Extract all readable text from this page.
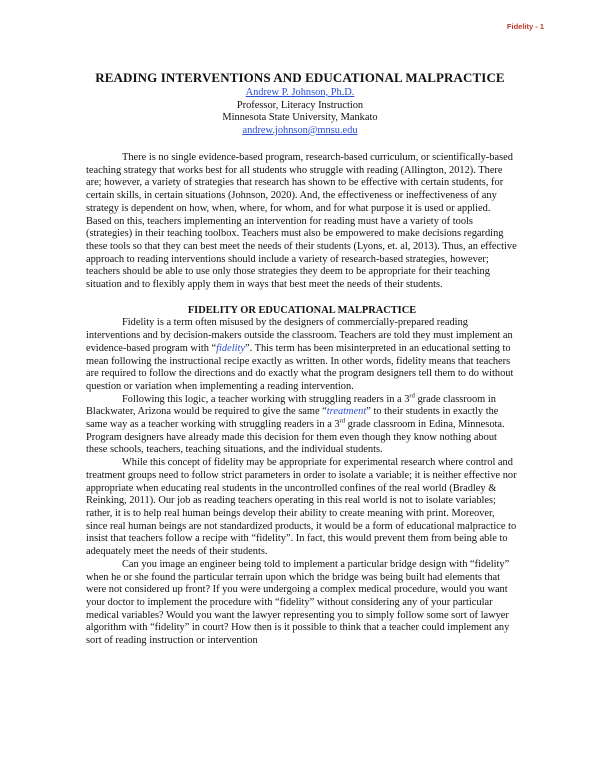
Fidelity - 1
READING INTERVENTIONS AND EDUCATIONAL MALPRACTICE
Andrew P. Johnson, Ph.D.
Professor, Literacy Instruction
Minnesota State University, Mankato
andrew.johnson@mnsu.edu

There is no single evidence-based program, research-based curriculum, or scientifically-based teaching strategy that works best for all students who struggle with reading (Allington, 2012). There are; however, a variety of strategies that research has shown to be effective with certain students, for certain skills, in certain situations (Johnson, 2020). And, the effectiveness or ineffectiveness of any strategy is dependent on how, when, where, for whom, and for what purpose it is used or applied. Based on this, teachers implementing an intervention for reading must have a variety of tools (strategies) in their teaching toolbox. Teachers must also be empowered to make decisions regarding these tools so that they can best meet the needs of their students (Lyons, et. al, 2013). Thus, an effective approach to reading interventions should include a variety of research-based strategies, however; teachers should be able to use only those strategies they deem to be appropriate for their teaching situation and to flexibly apply them in ways that best meet the needs of their students.

FIDELITY OR EDUCATIONAL MALPRACTICE

Fidelity is a term often misused by the designers of commercially-prepared reading interventions and by decision-makers outside the classroom. Teachers are told they must implement an evidence-based program with “fidelity”. This term has been misinterpreted in an educational setting to mean following the instructional recipe exactly as written. In other words, fidelity means that teachers are required to follow the directions and do exactly what the program designers tell them to do without question or variation when implementing a reading intervention.

Following this logic, a teacher working with struggling readers in a 3rd grade classroom in Blackwater, Arizona would be required to give the same “treatment” to their students in exactly the same way as a teacher working with struggling readers in a 3rd grade classroom in Edina, Minnesota. Program designers have already made this decision for them even though they know nothing about these schools, teachers, teaching situations, and the individual students.

While this concept of fidelity may be appropriate for experimental research where control and treatment groups need to follow strict parameters in order to isolate a variable; it is neither effective nor appropriate when educating real students in the uncontrolled confines of the real world (Bradley & Reinking, 2011). Our job as reading teachers operating in this real world is not to isolate variables; rather, it is to help real human beings develop their ability to create meaning with print. Moreover, since real human beings are not standardized products, it would be a form of educational malpractice to insist that teachers follow a recipe with “fidelity”. In fact, this would prevent them from being able to adequately meet the needs of their students.

Can you image an engineer being told to implement a particular bridge design with “fidelity” when he or she found the particular terrain upon which the bridge was being built had elements that were not considered up front? If you were undergoing a complex medical procedure, would you want your doctor to implement the procedure with “fidelity” without considering any of your particular medical variables? Would you want the lawyer representing you to simply follow some sort of lawyer algorithm with “fidelity” in court? How then is it possible to think that a teacher could implement any sort of reading instruction or intervention
